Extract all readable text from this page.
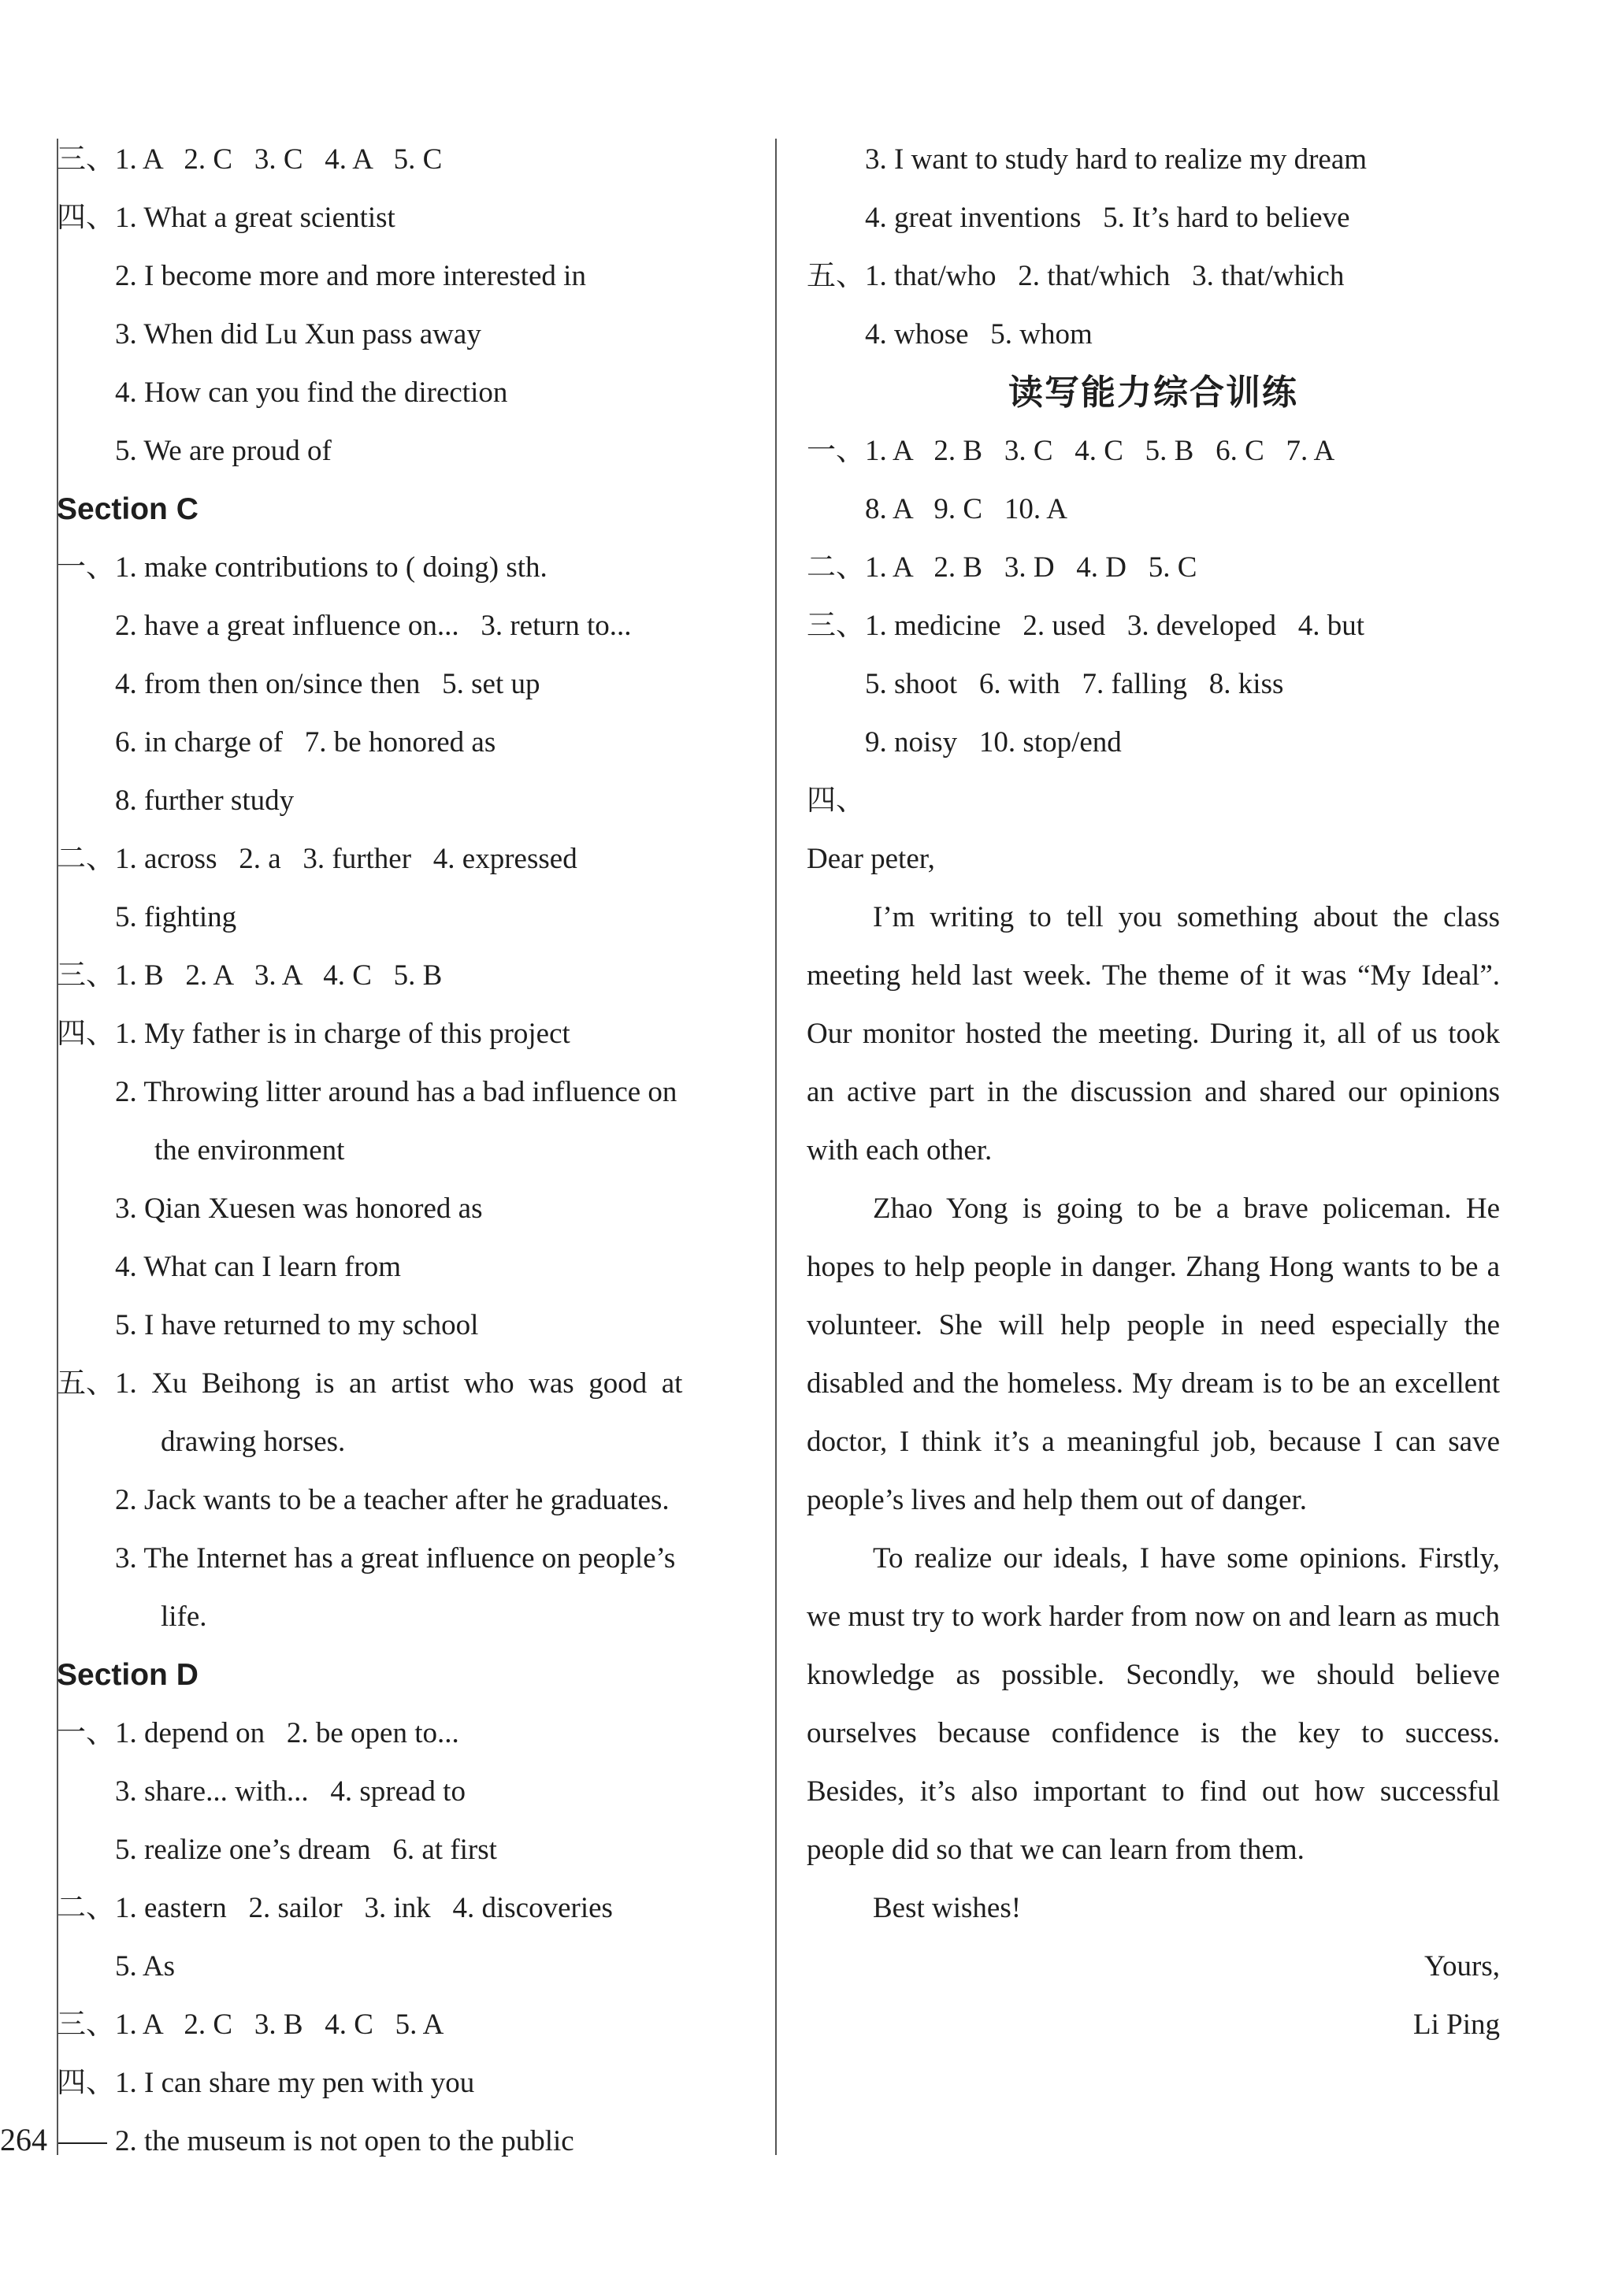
三、1. A   2. C   3. C   4. A   5. C
四、1. What a great scientist
2. I become more and more interested in
3. When did Lu Xun pass away
4. How can you find the direction
5. We are proud of
Section C
一、1. make contributions to ( doing) sth.
2. have a great influence on...   3. return to...
4. from then on/since then   5. set up
6. in charge of   7. be honored as
8. further study
二、1. across   2. a   3. further   4. expressed
5. fighting
三、1. B   2. A   3. A   4. C   5. B
四、1. My father is in charge of this project
2. Throwing litter around has a bad influence on
the environment
3. Qian Xuesen was honored as
4. What can I learn from
5. I have returned to my school
五、1.  Xu  Beihong  is  an  artist  who  was  good  at
drawing horses.
2. Jack wants to be a teacher after he graduates.
3. The Internet has a great influence on people’s
life.
Section D
一、1. depend on   2. be open to...
3. share... with...   4. spread to
5. realize one’s dream   6. at first
二、1. eastern   2. sailor   3. ink   4. discoveries
5. As
三、1. A   2. C   3. B   4. C   5. A
四、1. I can share my pen with you
2. the museum is not open to the public
3. I want to study hard to realize my dream
4. great inventions   5. It’s hard to believe
五、1. that/who   2. that/which   3. that/which
4. whose   5. whom
读写能力综合训练
一、1. A   2. B   3. C   4. C   5. B   6. C   7. A
8. A   9. C   10. A
二、1. A   2. B   3. D   4. D   5. C
三、1. medicine   2. used   3. developed   4. but
5. shoot   6. with   7. falling   8. kiss
9. noisy   10. stop/end
四、
Dear peter,
I’m writing to tell you something about the class meeting held last week. The theme of it was “My Ideal”. Our monitor hosted the meeting. During it, all of us took an active part in the discussion and shared our opinions with each other.
Zhao Yong is going to be a brave policeman. He hopes to help people in danger. Zhang Hong wants to be a volunteer. She will help people in need especially the disabled and the homeless. My dream is to be an excellent doctor, I think it’s a meaningful job, because I can save people’s lives and help them out of danger.
To realize our ideals, I have some opinions. Firstly, we must try to work harder from now on and learn as much knowledge as possible. Secondly, we should believe ourselves because confidence is the key to success. Besides, it’s also important to find out how successful people did so that we can learn from them.
Best wishes!
Yours,
Li Ping
264
